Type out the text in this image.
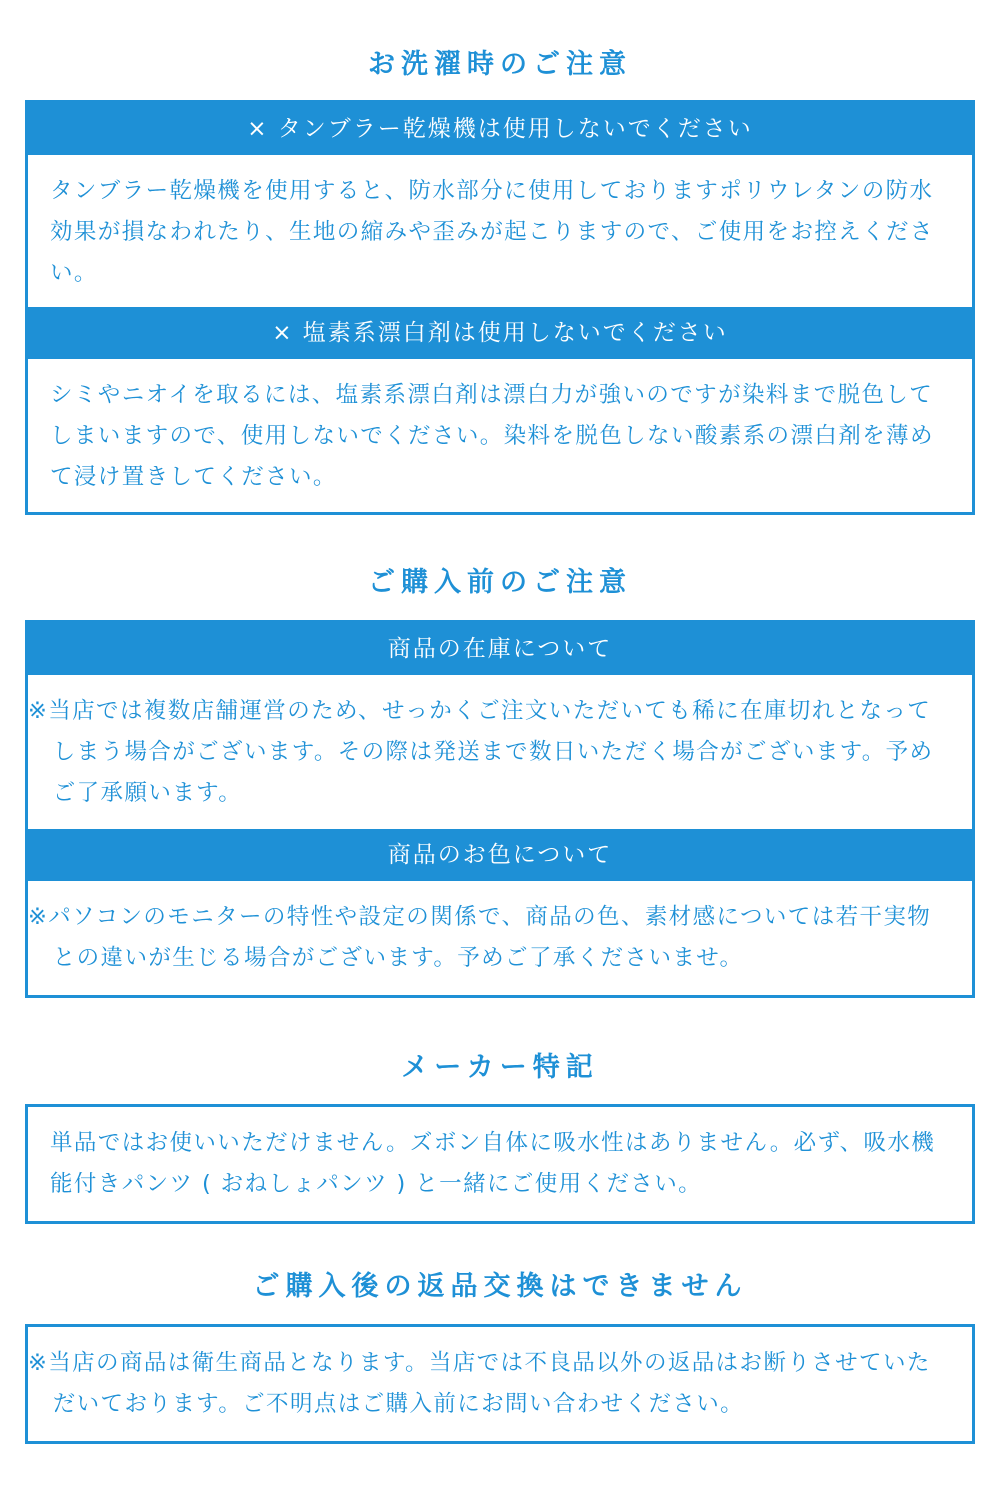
お洗濯時のご注意
× タンブラー乾燥機は使用しないでください
タンブラー乾燥機を使用すると、防水部分に使用しておりますポリウレタンの防水効果が損なわれたり、生地の縮みや歪みが起こりますので、ご使用をお控えください。
× 塩素系漂白剤は使用しないでください
シミやニオイを取るには、塩素系漂白剤は漂白力が強いのですが染料まで脱色してしまいますので、使用しないでください。染料を脱色しない酸素系の漂白剤を薄めて浸け置きしてください。
ご購入前のご注意
商品の在庫について
※当店では複数店舗運営のため、せっかくご注文いただいても稀に在庫切れとなってしまう場合がございます。その際は発送まで数日いただく場合がございます。予めご了承願います。
商品のお色について
※パソコンのモニターの特性や設定の関係で、商品の色、素材感については若干実物との違いが生じる場合がございます。予めご了承くださいませ。
メーカー特記
単品ではお使いいただけません。ズボン自体に吸水性はありません。必ず、吸水機能付きパンツ ( おねしょパンツ ) と一緒にご使用ください。
ご購入後の返品交換はできません
※当店の商品は衛生商品となります。当店では不良品以外の返品はお断りさせていただいております。ご不明点はご購入前にお問い合わせください。
